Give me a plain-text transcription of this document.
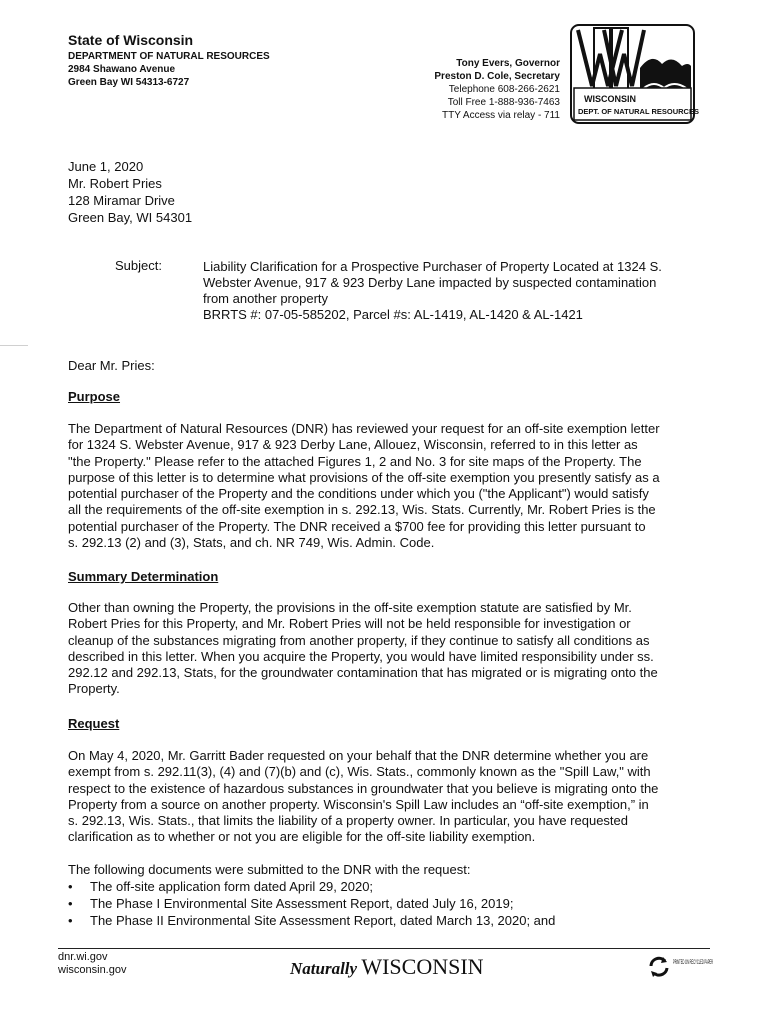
State of Wisconsin
DEPARTMENT OF NATURAL RESOURCES
2984 Shawano Avenue
Green Bay WI 54313-6727
Tony Evers, Governor
Preston D. Cole, Secretary
Telephone 608-266-2621
Toll Free 1-888-936-7463
TTY Access via relay - 711
WISCONSIN
DEPT. OF NATURAL RESOURCES
June 1, 2020
Mr. Robert Pries
128 Miramar Drive
Green Bay, WI 54301
Subject:	Liability Clarification for a Prospective Purchaser of Property Located at 1324 S.
Webster Avenue, 917 & 923 Derby Lane impacted by suspected contamination
from another property
BRRTS #: 07-05-585202, Parcel #s: AL-1419, AL-1420 & AL-1421
Dear Mr. Pries:
Purpose
The Department of Natural Resources (DNR) has reviewed your request for an off-site exemption letter
for 1324 S. Webster Avenue, 917 & 923 Derby Lane, Allouez, Wisconsin, referred to in this letter as
"the Property." Please refer to the attached Figures 1, 2 and No. 3 for site maps of the Property. The
purpose of this letter is to determine what provisions of the off-site exemption you presently satisfy as a
potential purchaser of the Property and the conditions under which you ("the Applicant") would satisfy
all the requirements of the off-site exemption in s. 292.13, Wis. Stats. Currently, Mr. Robert Pries is the
potential purchaser of the Property. The DNR received a $700 fee for providing this letter pursuant to
s. 292.13 (2) and (3), Stats, and ch. NR 749, Wis. Admin. Code.
Summary Determination
Other than owning the Property, the provisions in the off-site exemption statute are satisfied by Mr.
Robert Pries for this Property, and Mr. Robert Pries will not be held responsible for investigation or
cleanup of the substances migrating from another property, if they continue to satisfy all conditions as
described in this letter. When you acquire the Property, you would have limited responsibility under ss.
292.12 and 292.13, Stats, for the groundwater contamination that has migrated or is migrating onto the
Property.
Request
On May 4, 2020, Mr. Garritt Bader requested on your behalf that the DNR determine whether you are
exempt from s. 292.11(3), (4) and (7)(b) and (c), Wis. Stats., commonly known as the "Spill Law," with
respect to the existence of hazardous substances in groundwater that you believe is migrating onto the
Property from a source on another property. Wisconsin's Spill Law includes an “off-site exemption,” in
s. 292.13, Wis. Stats., that limits the liability of a property owner. In particular, you have requested
clarification as to whether or not you are eligible for the off-site liability exemption.
The following documents were submitted to the DNR with the request:
• The off-site application form dated April 29, 2020;
• The Phase I Environmental Site Assessment Report, dated July 16, 2019;
• The Phase II Environmental Site Assessment Report, dated March 13, 2020; and
dnr.wi.gov
wisconsin.gov	Naturally WISCONSIN	PRINTED ON RECYCLED PAPER
